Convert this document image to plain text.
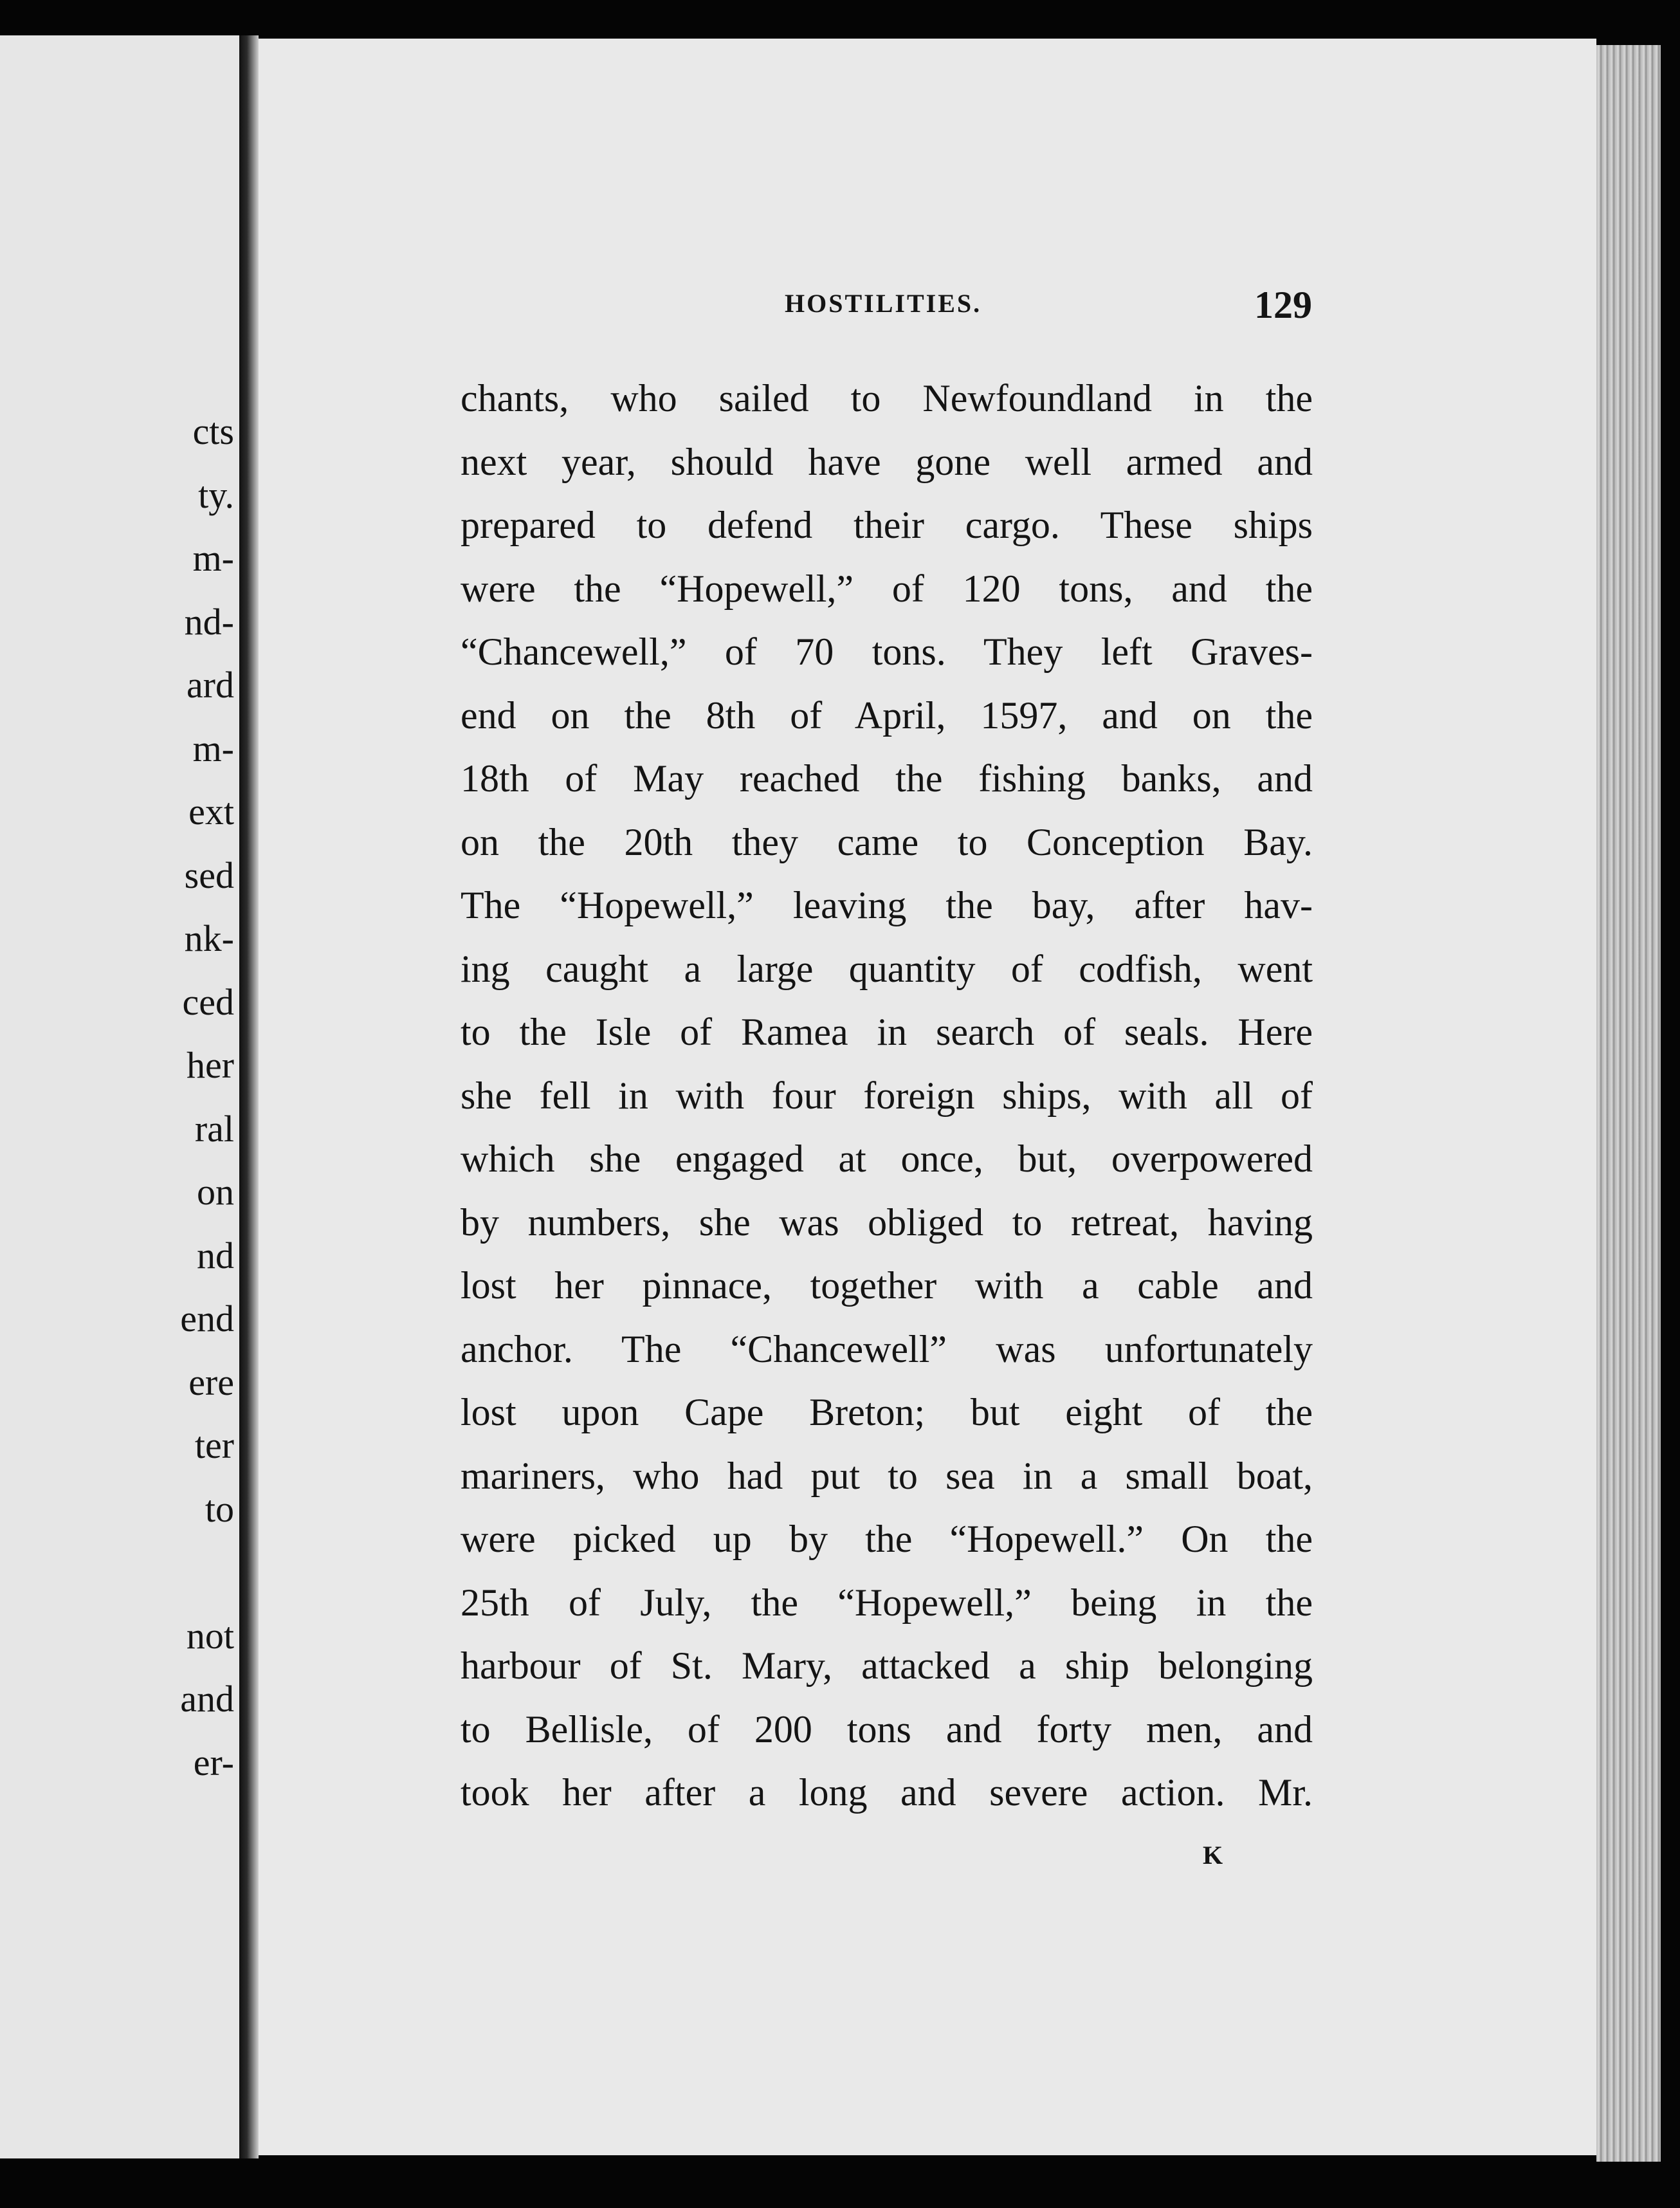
cts
ty.
m-
nd-
ard
m-
ext
sed
nk-
ced
her
ral
on
nd
end
ere
ter
to
not
and
er-
HOSTILITIES.	129
chants, who sailed to Newfoundland in the
next year, should have gone well armed and
prepared to defend their cargo. These ships
were the “Hopewell,” of 120 tons, and the
“Chancewell,” of 70 tons. They left Graves-
end on the 8th of April, 1597, and on the
18th of May reached the fishing banks, and
on the 20th they came to Conception Bay.
The “Hopewell,” leaving the bay, after hav-
ing caught a large quantity of codfish, went
to the Isle of Ramea in search of seals. Here
she fell in with four foreign ships, with all of
which she engaged at once, but, overpowered
by numbers, she was obliged to retreat, having
lost her pinnace, together with a cable and
anchor. The “Chancewell” was unfortunately
lost upon Cape Breton; but eight of the
mariners, who had put to sea in a small boat,
were picked up by the “Hopewell.” On the
25th of July, the “Hopewell,” being in the
harbour of St. Mary, attacked a ship belonging
to Bellisle, of 200 tons and forty men, and
took her after a long and severe action. Mr.
K
